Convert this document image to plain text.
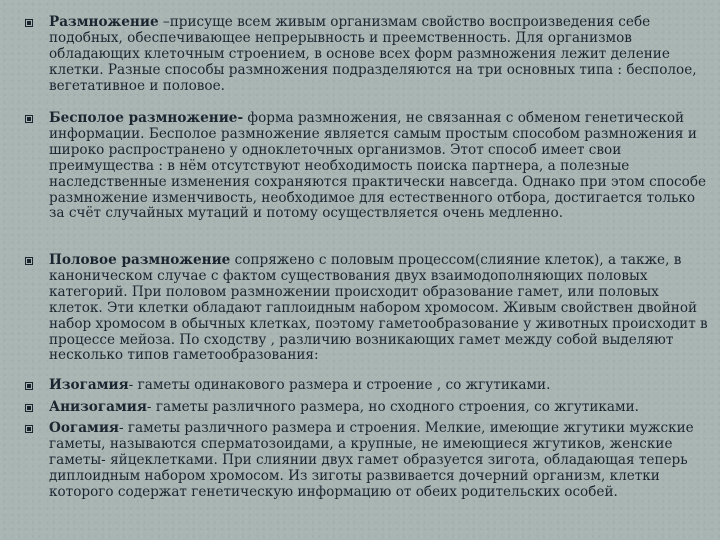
Размножение –присуще всем живым организмам свойство воспроизведения себе подобных, обеспечивающее непрерывность и преемственность. Для организмов обладающих клеточным строением, в основе всех форм размножения лежит деление клетки. Разные способы размножения подразделяются на три основных типа : бесполое, вегетативное и половое.
Бесполое размножение- форма размножения, не связанная с обменом генетической информации. Бесполое размножение является самым простым способом размножения и широко распространено у одноклеточных организмов. Этот способ имеет свои преимущества : в нём отсутствуют необходимость поиска партнера, а полезные наследственные изменения сохраняются практически навсегда. Однако при этом способе размножение изменчивость, необходимое для естественного отбора, достигается только за счёт случайных мутаций и потому осуществляется очень медленно.
Половое размножение сопряжено с половым процессом(слияние клеток), а также, в каноническом случае с фактом существования двух взаимодополняющих половых категорий. При половом размножении происходит образование гамет, или половых клеток. Эти клетки обладают гаплоидным набором хромосом. Живым свойствен двойной набор хромосом в обычных клетках, поэтому гаметообразование у животных происходит в процессе мейоза. По сходству , различию возникающих гамет между собой выделяют несколько типов гаметообразования:
Изогамия- гаметы одинакового размера и строение , со жгутиками.
Анизогамия- гаметы различного размера, но сходного строения, со жгутиками.
Оогамия- гаметы различного размера и строения. Мелкие, имеющие жгутики мужские гаметы, называются сперматозоидами, а крупные, не имеющиеся жгутиков, женские гаметы- яйцеклетками. При слиянии двух гамет образуется зигота, обладающая теперь диплоидным набором хромосом. Из зиготы развивается дочерний организм, клетки которого содержат генетическую информацию от обеих родительских особей.
